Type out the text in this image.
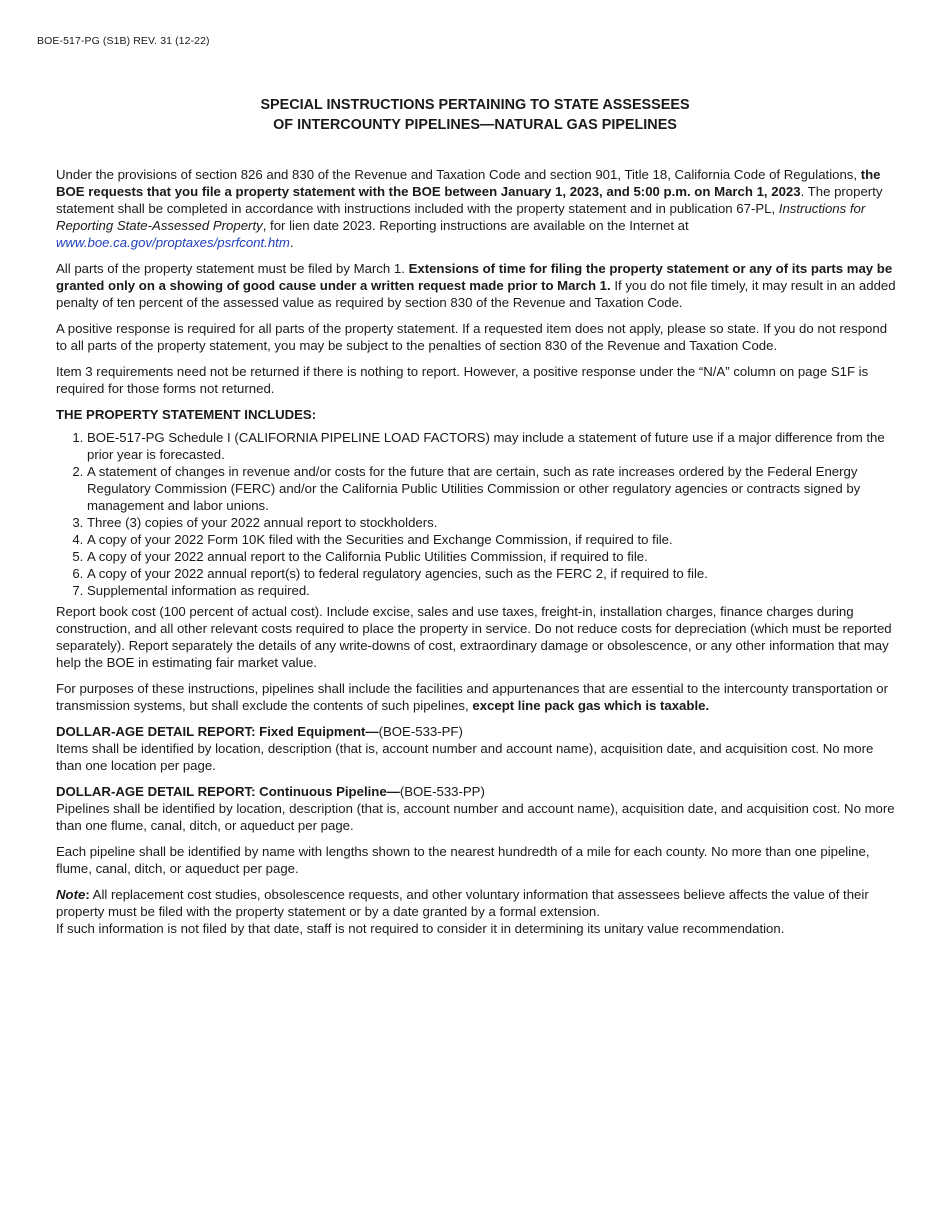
BOE-517-PG (S1B) REV. 31 (12-22)
SPECIAL INSTRUCTIONS PERTAINING TO STATE ASSESSEES
OF INTERCOUNTY PIPELINES—NATURAL GAS PIPELINES

Under the provisions of section 826 and 830 of the Revenue and Taxation Code and section 901, Title 18, California Code of Regulations, the BOE requests that you file a property statement with the BOE between January 1, 2023, and 5:00 p.m. on March 1, 2023. The property statement shall be completed in accordance with instructions included with the property statement and in publication 67-PL, Instructions for Reporting State-Assessed Property, for lien date 2023. Reporting instructions are available on the Internet at www.boe.ca.gov/proptaxes/psrfcont.htm.

All parts of the property statement must be filed by March 1. Extensions of time for filing the property statement or any of its parts may be granted only on a showing of good cause under a written request made prior to March 1. If you do not file timely, it may result in an added penalty of ten percent of the assessed value as required by section 830 of the Revenue and Taxation Code.

A positive response is required for all parts of the property statement. If a requested item does not apply, please so state. If you do not respond to all parts of the property statement, you may be subject to the penalties of section 830 of the Revenue and Taxation Code.

Item 3 requirements need not be returned if there is nothing to report. However, a positive response under the “N/A” column on page S1F is required for those forms not returned.

THE PROPERTY STATEMENT INCLUDES:
1. BOE-517-PG Schedule I (CALIFORNIA PIPELINE LOAD FACTORS) may include a statement of future use if a major difference from the prior year is forecasted.
2. A statement of changes in revenue and/or costs for the future that are certain, such as rate increases ordered by the Federal Energy Regulatory Commission (FERC) and/or the California Public Utilities Commission or other regulatory agencies or contracts signed by management and labor unions.
3. Three (3) copies of your 2022 annual report to stockholders.
4. A copy of your 2022 Form 10K filed with the Securities and Exchange Commission, if required to file.
5. A copy of your 2022 annual report to the California Public Utilities Commission, if required to file.
6. A copy of your 2022 annual report(s) to federal regulatory agencies, such as the FERC 2, if required to file.
7. Supplemental information as required.

Report book cost (100 percent of actual cost). Include excise, sales and use taxes, freight-in, installation charges, finance charges during construction, and all other relevant costs required to place the property in service. Do not reduce costs for depreciation (which must be reported separately). Report separately the details of any write-downs of cost, extraordinary damage or obsolescence, or any other information that may help the BOE in estimating fair market value.

For purposes of these instructions, pipelines shall include the facilities and appurtenances that are essential to the intercounty transportation or transmission systems, but shall exclude the contents of such pipelines, except line pack gas which is taxable.

DOLLAR-AGE DETAIL REPORT: Fixed Equipment—(BOE-533-PF)
Items shall be identified by location, description (that is, account number and account name), acquisition date, and acquisition cost. No more than one location per page.

DOLLAR-AGE DETAIL REPORT: Continuous Pipeline—(BOE-533-PP)
Pipelines shall be identified by location, description (that is, account number and account name), acquisition date, and acquisition cost. No more than one flume, canal, ditch, or aqueduct per page.

Each pipeline shall be identified by name with lengths shown to the nearest hundredth of a mile for each county. No more than one pipeline, flume, canal, ditch, or aqueduct per page.

Note: All replacement cost studies, obsolescence requests, and other voluntary information that assessees believe affects the value of their property must be filed with the property statement or by a date granted by a formal extension.
If such information is not filed by that date, staff is not required to consider it in determining its unitary value recommendation.
